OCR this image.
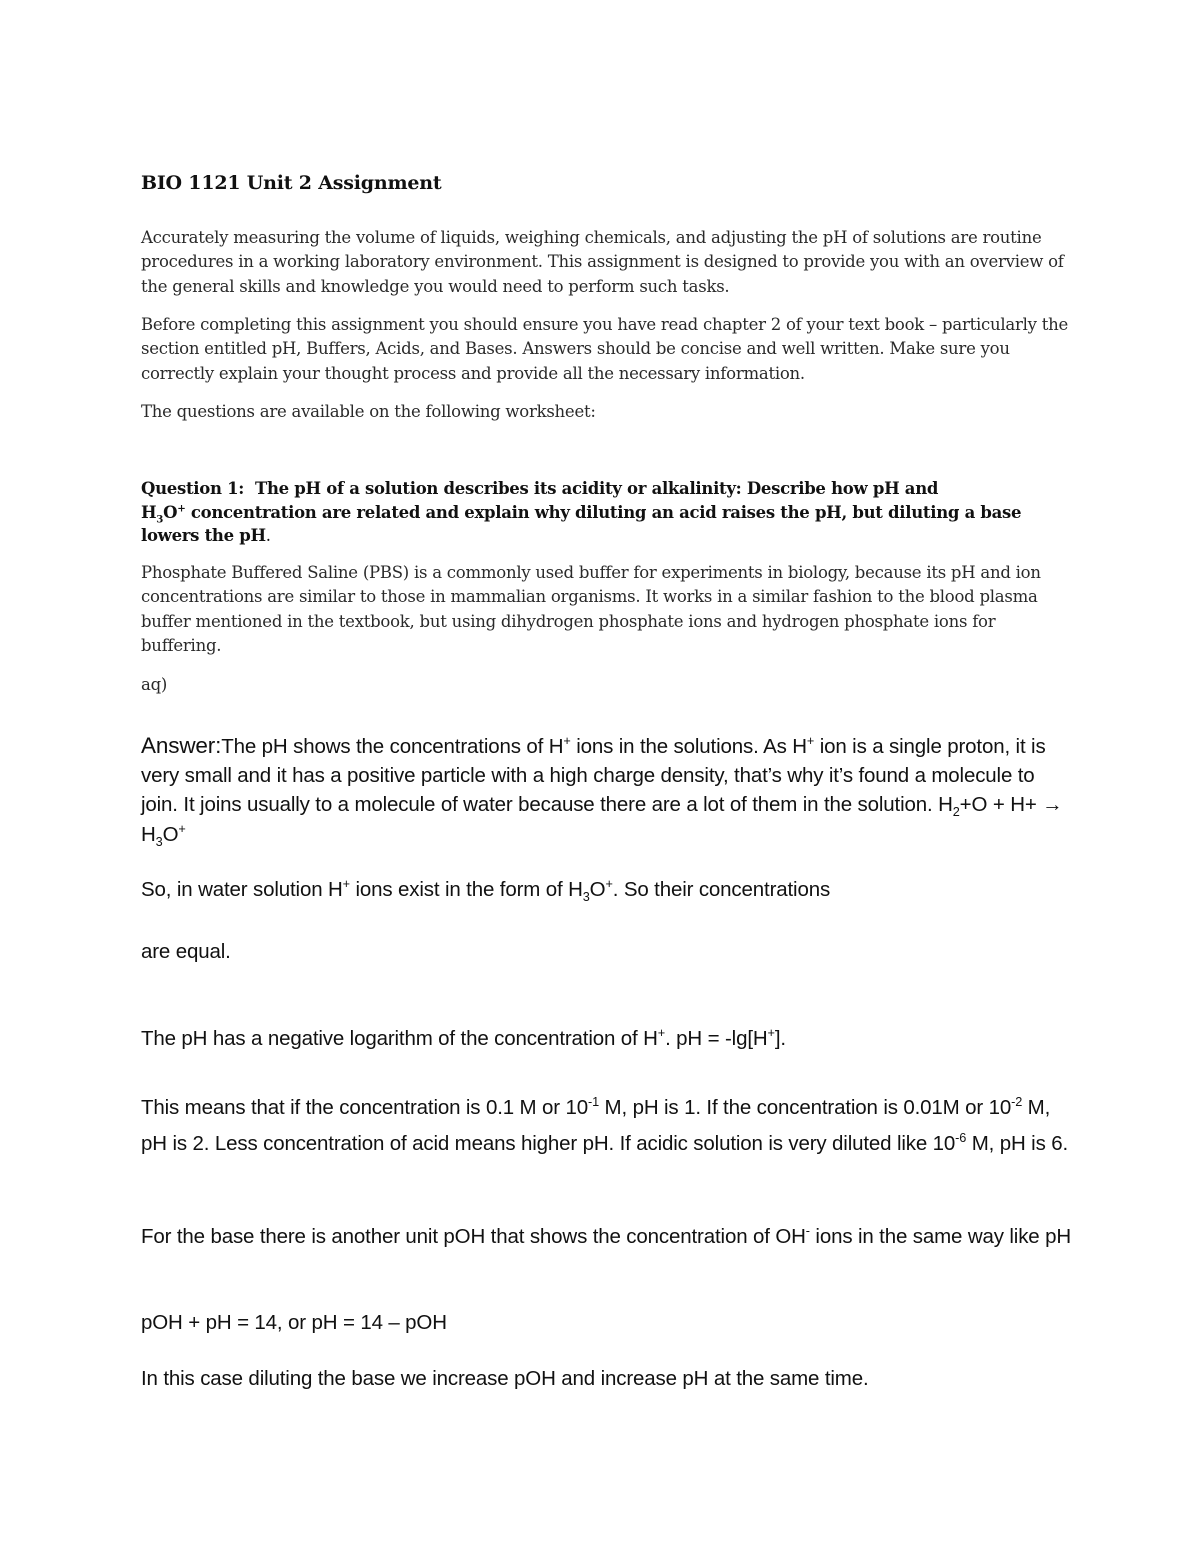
BIO 1121 Unit 2 Assignment
Accurately measuring the volume of liquids, weighing chemicals, and adjusting the pH of solutions are routine procedures in a working laboratory environment. This assignment is designed to provide you with an overview of the general skills and knowledge you would need to perform such tasks.
Before completing this assignment you should ensure you have read chapter 2 of your text book – particularly the section entitled pH, Buffers, Acids, and Bases. Answers should be concise and well written. Make sure you correctly explain your thought process and provide all the necessary information.
The questions are available on the following worksheet:
Question 1: The pH of a solution describes its acidity or alkalinity: Describe how pH and
$H_3O^+$ concentration are related and explain why diluting an acid raises the pH, but diluting a base lowers the pH.
Phosphate Buffered Saline (PBS) is a commonly used buffer for experiments in biology, because its pH and ion concentrations are similar to those in mammalian organisms. It works in a similar fashion to the blood plasma buffer mentioned in the textbook, but using dihydrogen phosphate ions and hydrogen phosphate ions for buffering.
aq)
Answer:The pH shows the concentrations of H+ ions in the solutions. As H+ ion is a single proton, it is very small and it has a positive particle with a high charge density, that’s why it’s found a molecule to join. It joins usually to a molecule of water because there are a lot of them in the solution. $H_2+O + H+ \to H_3O^+$
So, in water solution H+ ions exist in the form of $H_3O^+$. So their concentrations
are equal.
The pH has a negative logarithm of the concentration of H+. pH = -lg[H+].
This means that if the concentration is 0.1 M or $10^{-1}$ M, pH is 1. If the concentration is 0.01M or $10^{-2}$ M, pH is 2. Less concentration of acid means higher pH. If acidic solution is very diluted like $10^{-6}$ M, pH is 6.
For the base there is another unit pOH that shows the concentration of OH- ions in the same way like pH
pOH + pH = 14, or pH = 14 – pOH
In this case diluting the base we increase pOH and increase pH at the same time.
